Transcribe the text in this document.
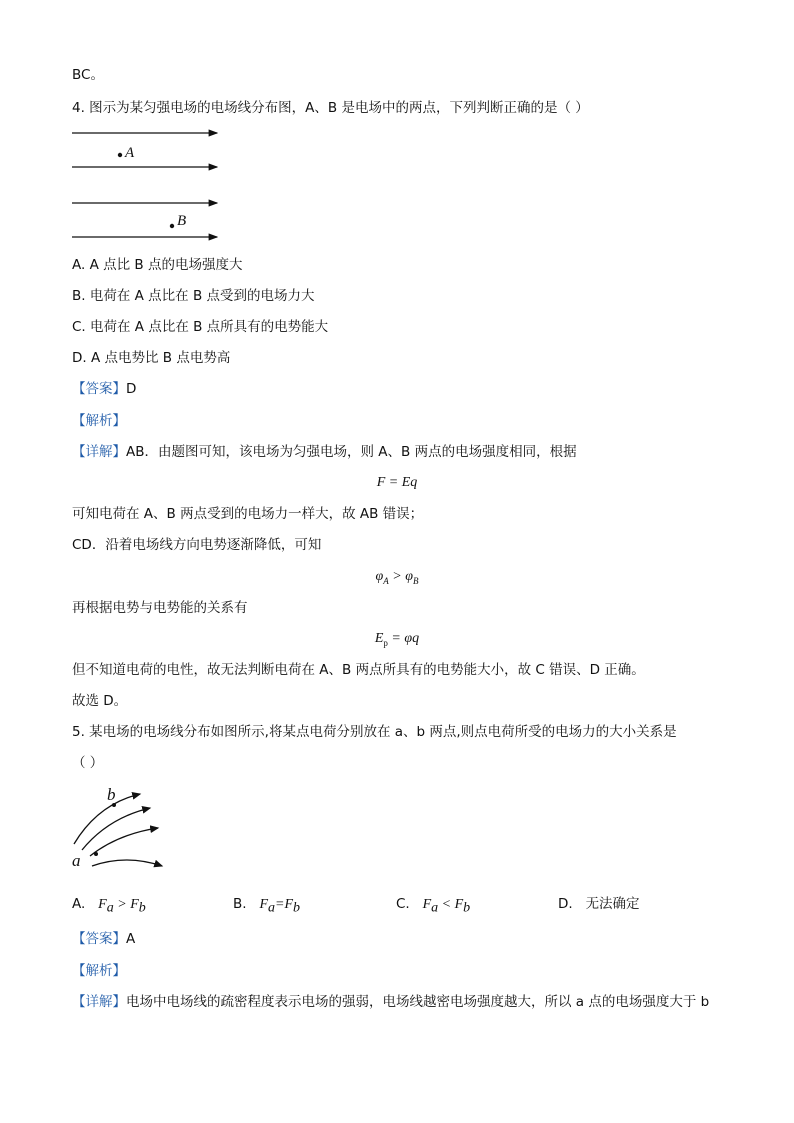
BC。
4. 图示为某匀强电场的电场线分布图，A、B 是电场中的两点，下列判断正确的是（ ）
A
B
A. A 点比 B 点的电场强度大
B. 电荷在 A 点比在 B 点受到的电场力大
C. 电荷在 A 点比在 B 点所具有的电势能大
D. A 点电势比 B 点电势高
【答案】D
【解析】
【详解】AB．由题图可知，该电场为匀强电场，则 A、B 两点的电场强度相同，根据
F = Eq
可知电荷在 A、B 两点受到的电场力一样大，故 AB 错误；
CD．沿着电场线方向电势逐渐降低，可知
$\varphi_A > \varphi_B$
再根据电势与电势能的关系有
$E_p = \varphi q$
但不知道电荷的电性，故无法判断电荷在 A、B 两点所具有的电势能大小，故 C 错误、D 正确。
故选 D。
5. 某电场的电场线分布如图所示,将某点电荷分别放在 a、b 两点,则点电荷所受的电场力的大小关系是
（ ）
b
a
A. $F_a > F_b$	B. $F_a=F_b$	C. $F_a < F_b$	D. 无法确定
【答案】A
【解析】
【详解】电场中电场线的疏密程度表示电场的强弱，电场线越密电场强度越大，所以 a 点的电场强度大于 b
